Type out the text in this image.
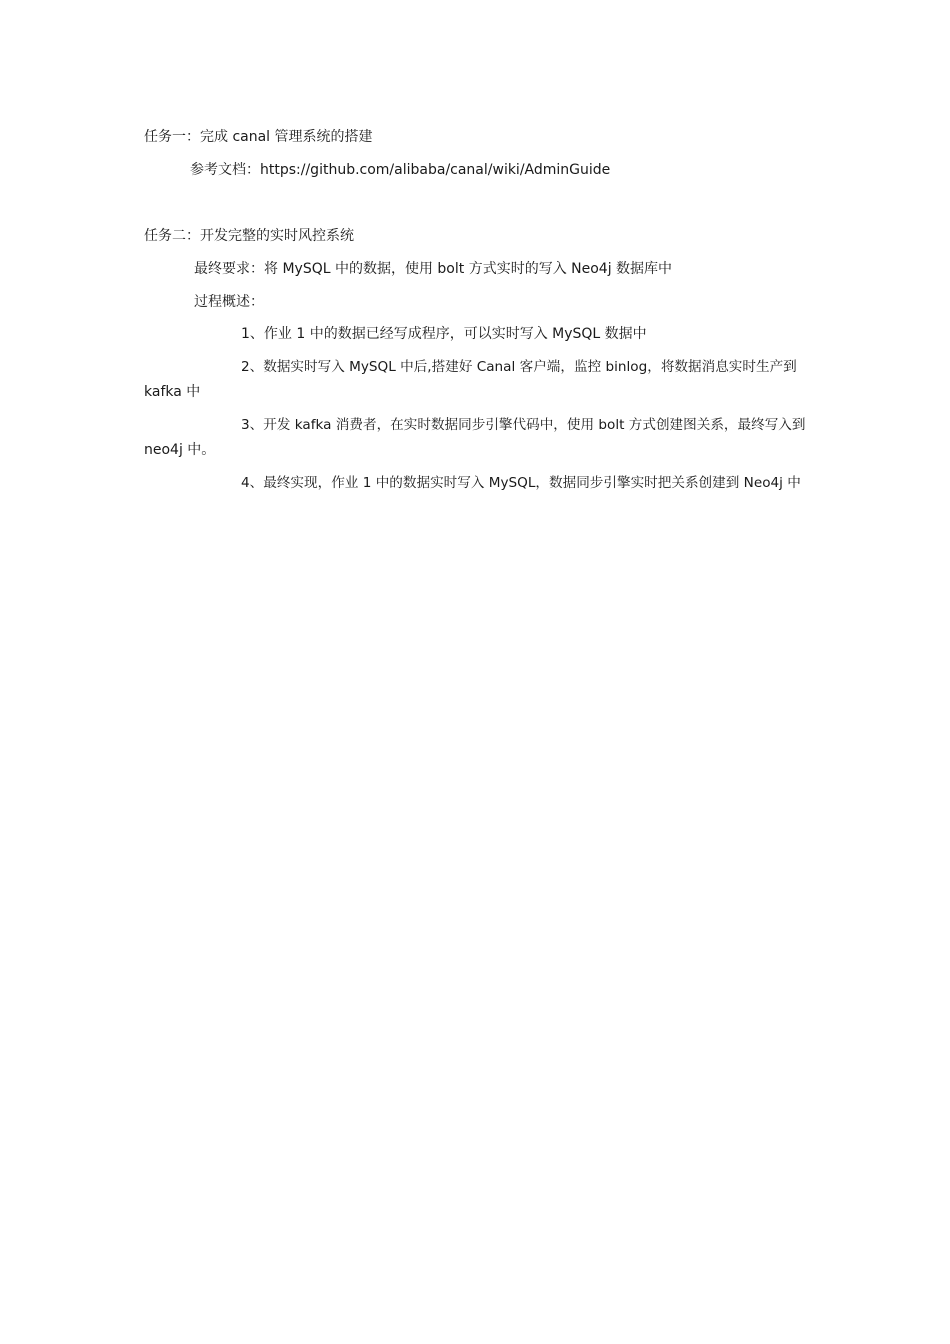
任务一：完成 canal 管理系统的搭建
参考文档：https://github.com/alibaba/canal/wiki/AdminGuide
任务二：开发完整的实时风控系统
最终要求：将 MySQL 中的数据，使用 bolt 方式实时的写入 Neo4j 数据库中
过程概述：
1、作业 1 中的数据已经写成程序，可以实时写入 MySQL 数据中
2、数据实时写入 MySQL 中后,搭建好 Canal 客户端，监控 binlog，将数据消息实时生产到
kafka 中
3、开发 kafka 消费者，在实时数据同步引擎代码中，使用 bolt 方式创建图关系，最终写入到
neo4j 中。
4、最终实现，作业 1 中的数据实时写入 MySQL，数据同步引擎实时把关系创建到 Neo4j 中
